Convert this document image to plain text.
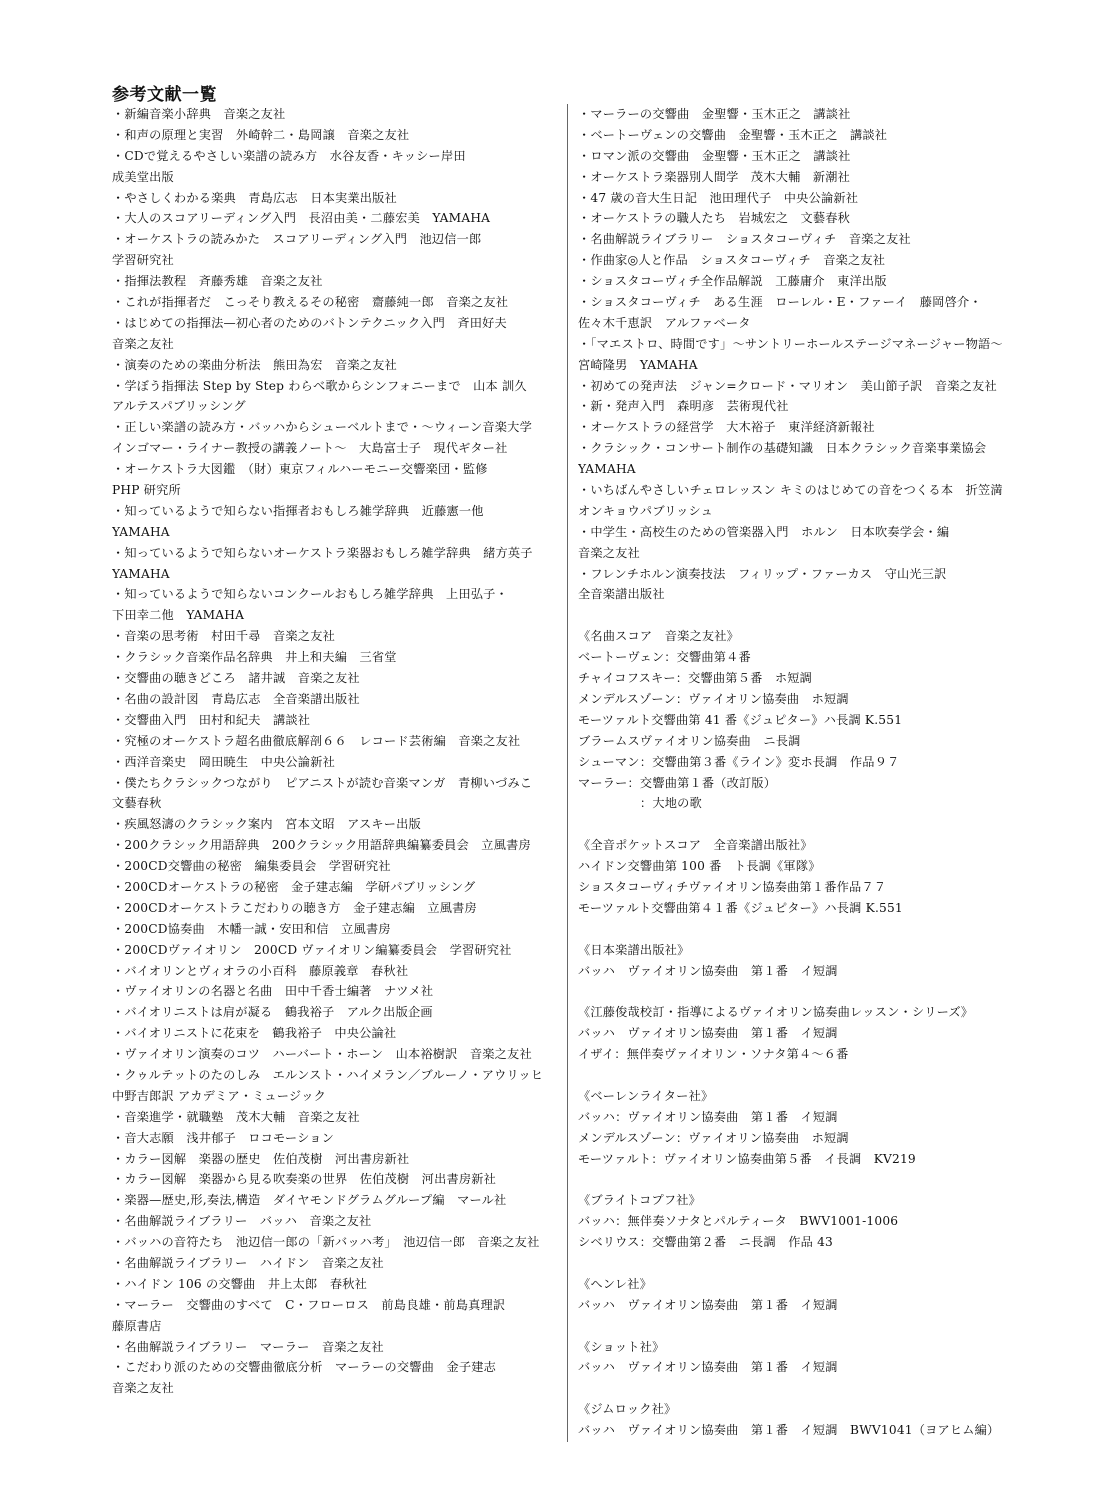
参考文献一覧
・新編音楽小辞典　音楽之友社
・和声の原理と実習　外崎幹二・島岡譲　音楽之友社
・CDで覚えるやさしい楽譜の読み方　水谷友香・キッシー岸田
成美堂出版
・やさしくわかる楽典　青島広志　日本実業出版社
・大人のスコアリーディング入門　長沼由美・二藤宏美　YAMAHA
・オーケストラの読みかた　スコアリーディング入門　池辺信一郎
学習研究社
・指揮法教程　斉藤秀雄　音楽之友社
・これが指揮者だ　こっそり教えるその秘密　齋藤純一郎　音楽之友社
・はじめての指揮法—初心者のためのバトンテクニック入門　斉田好夫
音楽之友社
・演奏のための楽曲分析法　熊田為宏　音楽之友社
・学ぼう指揮法 Step by Step わらべ歌からシンフォニーまで　山本 訓久
アルテスパブリッシング
・正しい楽譜の読み方・バッハからシューベルトまで・～ウィーン音楽大学
インゴマー・ライナー教授の講義ノート～　大島富士子　現代ギター社
・オーケストラ大図鑑　（財）東京フィルハーモニー交響楽団・監修
PHP 研究所
・知っているようで知らない指揮者おもしろ雑学辞典　近藤憲一他
YAMAHA
・知っているようで知らないオーケストラ楽器おもしろ雑学辞典　緒方英子
YAMAHA
・知っているようで知らないコンクールおもしろ雑学辞典　上田弘子・
下田幸二他　YAMAHA
・音楽の思考術　村田千尋　音楽之友社
・クラシック音楽作品名辞典　井上和夫編　三省堂
・交響曲の聴きどころ　諸井誠　音楽之友社
・名曲の設計図　青島広志　全音楽譜出版社
・交響曲入門　田村和紀夫　講談社
・究極のオーケストラ超名曲徹底解剖６６　レコード芸術編　音楽之友社
・西洋音楽史　岡田暁生　中央公論新社
・僕たちクラシックつながり　ピアニストが読む音楽マンガ　青柳いづみこ
文藝春秋
・疾風怒濤のクラシック案内　宮本文昭　アスキー出版
・200クラシック用語辞典　200クラシック用語辞典編纂委員会　立風書房
・200CD交響曲の秘密　編集委員会　学習研究社
・200CDオーケストラの秘密　金子建志編　学研パブリッシング
・200CDオーケストラこだわりの聴き方　金子建志編　立風書房
・200CD協奏曲　木幡一誠・安田和信　立風書房
・200CDヴァイオリン　200CD ヴァイオリン編纂委員会　学習研究社
・バイオリンとヴィオラの小百科　藤原義章　春秋社
・ヴァイオリンの名器と名曲　田中千香士編著　ナツメ社
・バイオリニストは肩が凝る　鶴我裕子　アルク出版企画
・バイオリニストに花束を　鶴我裕子　中央公論社
・ヴァイオリン演奏のコツ　ハーバート・ホーン　山本裕樹訳　音楽之友社
・クゥルテットのたのしみ　エルンスト・ハイメラン／ブルーノ・アウリッヒ
中野吉郎訳 アカデミア・ミュージック
・音楽進学・就職塾　茂木大輔　音楽之友社
・音大志願　浅井郁子　ロコモーション
・カラー図解　楽器の歴史　佐伯茂樹　河出書房新社
・カラー図解　楽器から見る吹奏楽の世界　佐伯茂樹　河出書房新社
・楽器—歴史,形,奏法,構造　ダイヤモンドグラムグループ編　マール社
・名曲解説ライブラリー　バッハ　音楽之友社
・バッハの音符たち　池辺信一郎の「新バッハ考」　池辺信一郎　音楽之友社
・名曲解説ライブラリー　ハイドン　音楽之友社
・ハイドン 106 の交響曲　井上太郎　春秋社
・マーラー　交響曲のすべて　C・フローロス　前島良雄・前島真理訳
藤原書店
・名曲解説ライブラリー　マーラー　音楽之友社
・こだわり派のための交響曲徹底分析　マーラーの交響曲　金子建志
音楽之友社
・マーラーの交響曲　金聖響・玉木正之　講談社
・ベートーヴェンの交響曲　金聖響・玉木正之　講談社
・ロマン派の交響曲　金聖響・玉木正之　講談社
・オーケストラ楽器別人間学　茂木大輔　新潮社
・47 歳の音大生日記　池田理代子　中央公論新社
・オーケストラの職人たち　岩城宏之　文藝春秋
・名曲解説ライブラリー　ショスタコーヴィチ　音楽之友社
・作曲家◎人と作品　ショスタコーヴィチ　音楽之友社
・ショスタコーヴィチ全作品解説　工藤庸介　東洋出版
・ショスタコーヴィチ　ある生涯　ローレル・E・ファーイ　藤岡啓介・
佐々木千恵訳　アルファベータ
・「マエストロ、時間です」～サントリーホールステージマネージャー物語～
宮崎隆男　YAMAHA
・初めての発声法　ジャン=クロード・マリオン　美山節子訳　音楽之友社
・新・発声入門　森明彦　芸術現代社
・オーケストラの経営学　大木裕子　東洋経済新報社
・クラシック・コンサート制作の基礎知識　日本クラシック音楽事業協会
YAMAHA
・いちばんやさしいチェロレッスン キミのはじめての音をつくる本　折笠満
オンキョウパブリッシュ
・中学生・高校生のための管楽器入門　ホルン　日本吹奏学会・編
音楽之友社
・フレンチホルン演奏技法　フィリップ・ファーカス　守山光三訳
全音楽譜出版社
《名曲スコア　音楽之友社》
ベートーヴェン：交響曲第４番
チャイコフスキー：交響曲第５番　ホ短調
メンデルスゾーン：ヴァイオリン協奏曲　ホ短調
モーツァルト交響曲第 41 番《ジュピター》ハ長調 K.551
ブラームスヴァイオリン協奏曲　ニ長調
シューマン：交響曲第３番《ライン》変ホ長調　作品９７
マーラー：交響曲第１番（改訂版）
　　　　　：大地の歌
《全音ポケットスコア　全音楽譜出版社》
ハイドン交響曲第 100 番　ト長調《軍隊》
ショスタコーヴィチヴァイオリン協奏曲第１番作品７７
モーツァルト交響曲第４１番《ジュピター》ハ長調 K.551
《日本楽譜出版社》
バッハ　ヴァイオリン協奏曲　第１番　イ短調
《江藤俊哉校訂・指導によるヴァイオリン協奏曲レッスン・シリーズ》
バッハ　ヴァイオリン協奏曲　第１番　イ短調
イザイ：無伴奏ヴァイオリン・ソナタ第４～６番
《ベーレンライター社》
バッハ：ヴァイオリン協奏曲　第１番　イ短調
メンデルスゾーン：ヴァイオリン協奏曲　ホ短調
モーツァルト：ヴァイオリン協奏曲第５番　イ長調　KV219
《ブライトコプフ社》
バッハ：無伴奏ソナタとパルティータ　BWV1001-1006
シベリウス：交響曲第２番　ニ長調　作品 43
《ヘンレ社》
バッハ　ヴァイオリン協奏曲　第１番　イ短調
《ショット社》
バッハ　ヴァイオリン協奏曲　第１番　イ短調
《ジムロック社》
バッハ　ヴァイオリン協奏曲　第１番　イ短調　BWV1041（ヨアヒム編）
